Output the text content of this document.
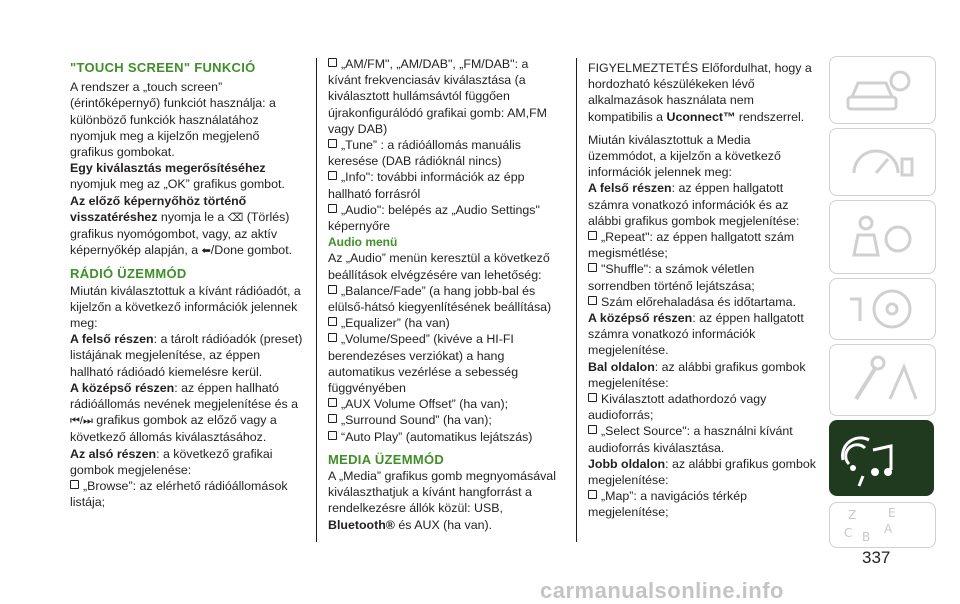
"TOUCH SCREEN" FUNKCIÓ

A rendszer a „touch screen” (érintőképernyő) funkciót használja: a különböző funkciók használatához nyomjuk meg a kijelzőn megjelenő grafikus gombokat.

Egy kiválasztás megerősítéséhez nyomjuk meg az „OK” grafikus gombot.

Az előző képernyőhöz történő visszatéréshez nyomja le a ⌫ (Törlés) grafikus nyomógombot, vagy, az aktív képernyőkép alapján, a ⬅/Done gombot.

RÁDIÓ ÜZEMMÓD

Miután kiválasztottuk a kívánt rádióadót, a kijelzőn a következő információk jelennek meg:

A felső részen: a tárolt rádióadók (preset) listájának megjelenítése, az éppen hallható rádióadó kiemelésre kerül.

A középső részen: az éppen hallható rádióállomás nevének megjelenítése és a ⏮/⏭ grafikus gombok az előző vagy a következő állomás kiválasztásához.

Az alsó részen: a következő grafikai gombok megjelenése:

„Browse”: az elérhető rádióállomások listája;

„AM/FM", „AM/DAB", „FM/DAB": a kívánt frekvenciasáv kiválasztása (a kiválasztott hullámsávtól függően újrakonfigurálódó grafikai gomb: AM,FM vagy DAB)

„Tune” : a rádióállomás manuális keresése (DAB rádióknál nincs)

„Info": további információk az épp hallható forrásról

„Audio": belépés az „Audio Settings" képernyőre

Audio menü

Az „Audio” menün keresztül a következő beállítások elvégzésére van lehetőség:

„Balance/Fade” (a hang jobb-bal és elülső-hátsó kiegyenlítésének beállítása)

„Equalizer” (ha van)

„Volume/Speed” (kivéve a HI-FI berendezéses verziókat) a hang automatikus vezérlése a sebesség függvényében

„AUX Volume Offset” (ha van);

„Surround Sound” (ha van);

“Auto Play” (automatikus lejátszás)

MEDIA ÜZEMMÓD

A „Media” grafikus gomb megnyomásával kiválaszthatjuk a kívánt hangforrást a rendelkezésre állók közül: USB, Bluetooth® és AUX (ha van).

FIGYELMEZTETÉS Előfordulhat, hogy a hordozható készülékeken lévő alkalmazások használata nem kompatibilis a Uconnect™ rendszerrel.

Miután kiválasztottuk a Media üzemmódot, a kijelzőn a következő információk jelennek meg:

A felső részen: az éppen hallgatott számra vonatkozó információk és az alábbi grafikus gombok megjelenítése:

„Repeat": az éppen hallgatott szám megismétlése;

"Shuffle": a számok véletlen sorrendben történő lejátszása;

Szám előrehaladása és időtartama.

A középső részen: az éppen hallgatott számra vonatkozó információk megjelenítése.

Bal oldalon: az alábbi grafikus gombok megjelenítése:

Kiválasztott adathordozó vagy audioforrás;

„Select Source": a használni kívánt audioforrás kiválasztása.

Jobb oldalon: az alábbi grafikus gombok megjelenítése:

„Map”: a navigációs térkép megjelenítése;	Z
C B
E
A
337
carmanualsonline.info
